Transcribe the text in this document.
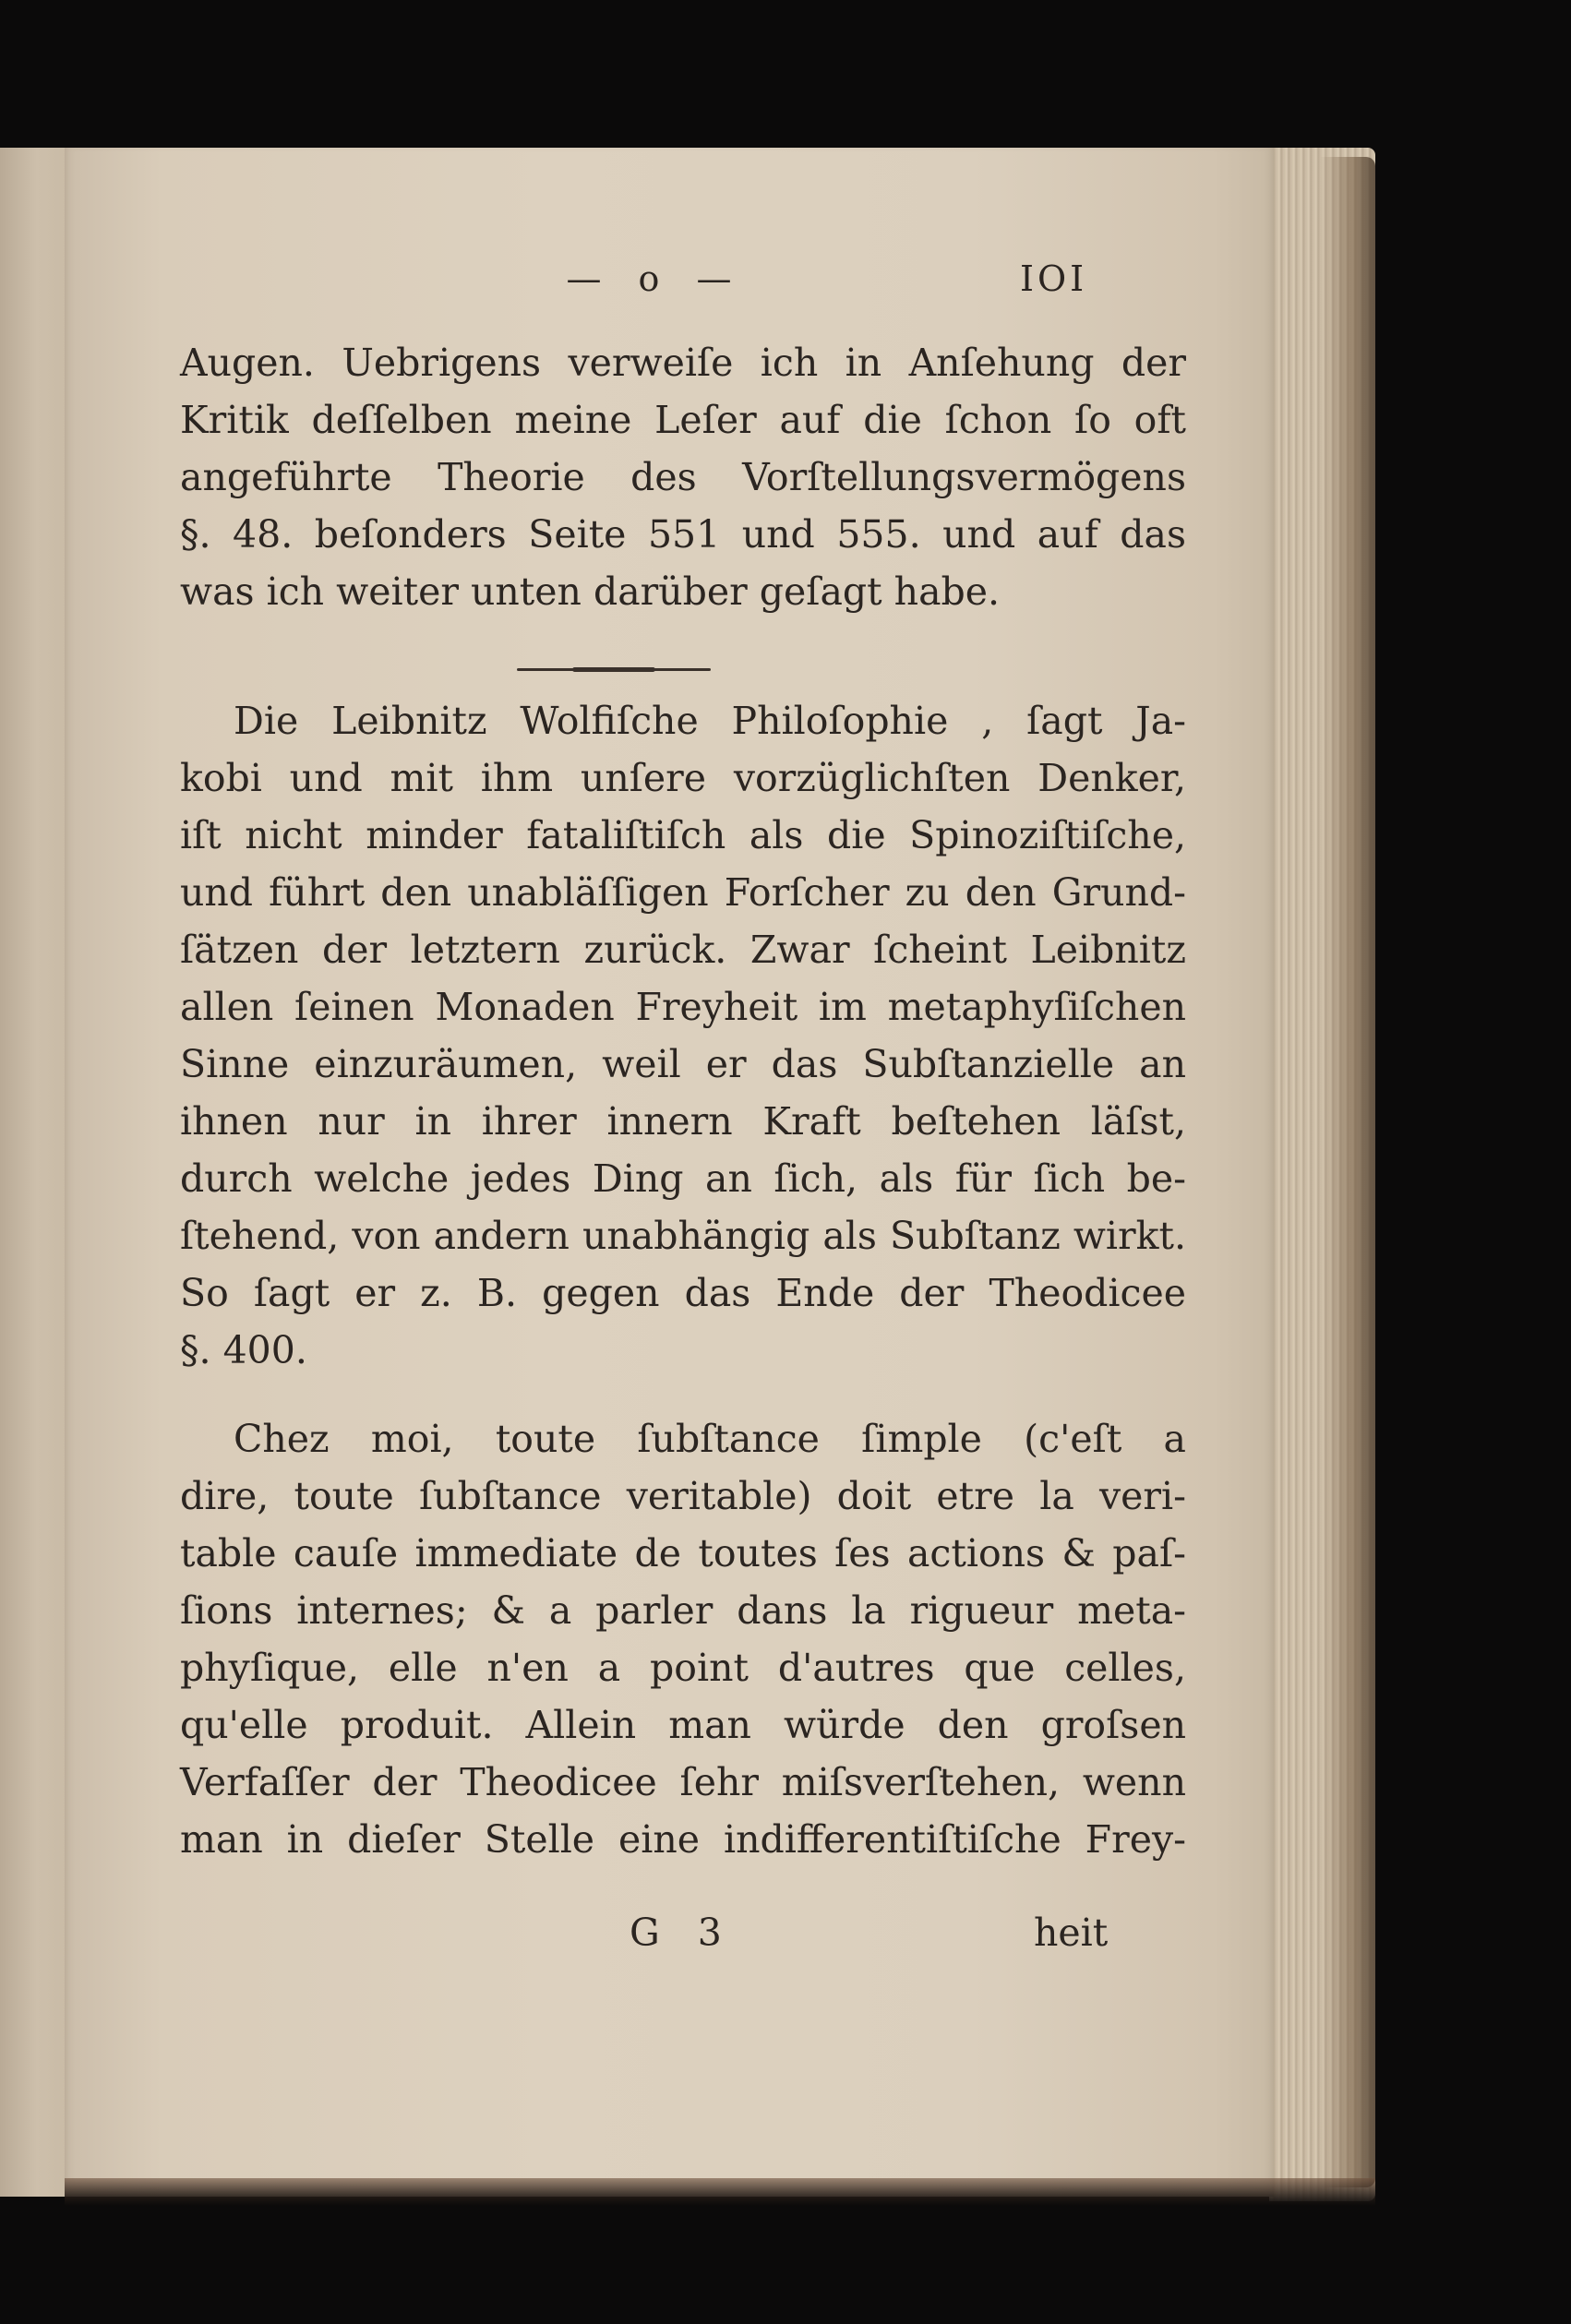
— o —	IOI
Augen. Uebrigens verweiſe ich in Anſehung der
Kritik deſſelben meine Leſer auf die ſchon ſo oft
angeführte Theorie des Vorſtellungsvermögens
§. 48. beſonders Seite 551 und 555. und auf das
was ich weiter unten darüber geſagt habe.
Die Leibnitz Wolfiſche Philoſophie , ſagt Ja-
kobi und mit ihm unſere vorzüglichſten Denker,
iſt nicht minder fataliſtiſch als die Spinoziſtiſche,
und führt den unabläſſigen Forſcher zu den Grund-
ſätzen der letztern zurück. Zwar ſcheint Leibnitz
allen ſeinen Monaden Freyheit im metaphyſiſchen
Sinne einzuräumen, weil er das Subſtanzielle an
ihnen nur in ihrer innern Kraft beſtehen läſst,
durch welche jedes Ding an ſich, als für ſich be-
ſtehend, von andern unabhängig als Subſtanz wirkt.
So ſagt er z. B. gegen das Ende der Theodicee
§. 400.
Chez moi, toute ſubſtance ſimple (c'eſt a
dire, toute ſubſtance veritable) doit etre la veri-
table cauſe immediate de toutes ſes actions & paſ-
ſions internes; & a parler dans la rigueur meta-
phyſique, elle n'en a point d'autres que celles,
qu'elle produit. Allein man würde den groſsen
Verfaſſer der Theodicee ſehr miſsverſtehen, wenn
man in dieſer Stelle eine indifferentiſtiſche Frey-
G 3	heit
